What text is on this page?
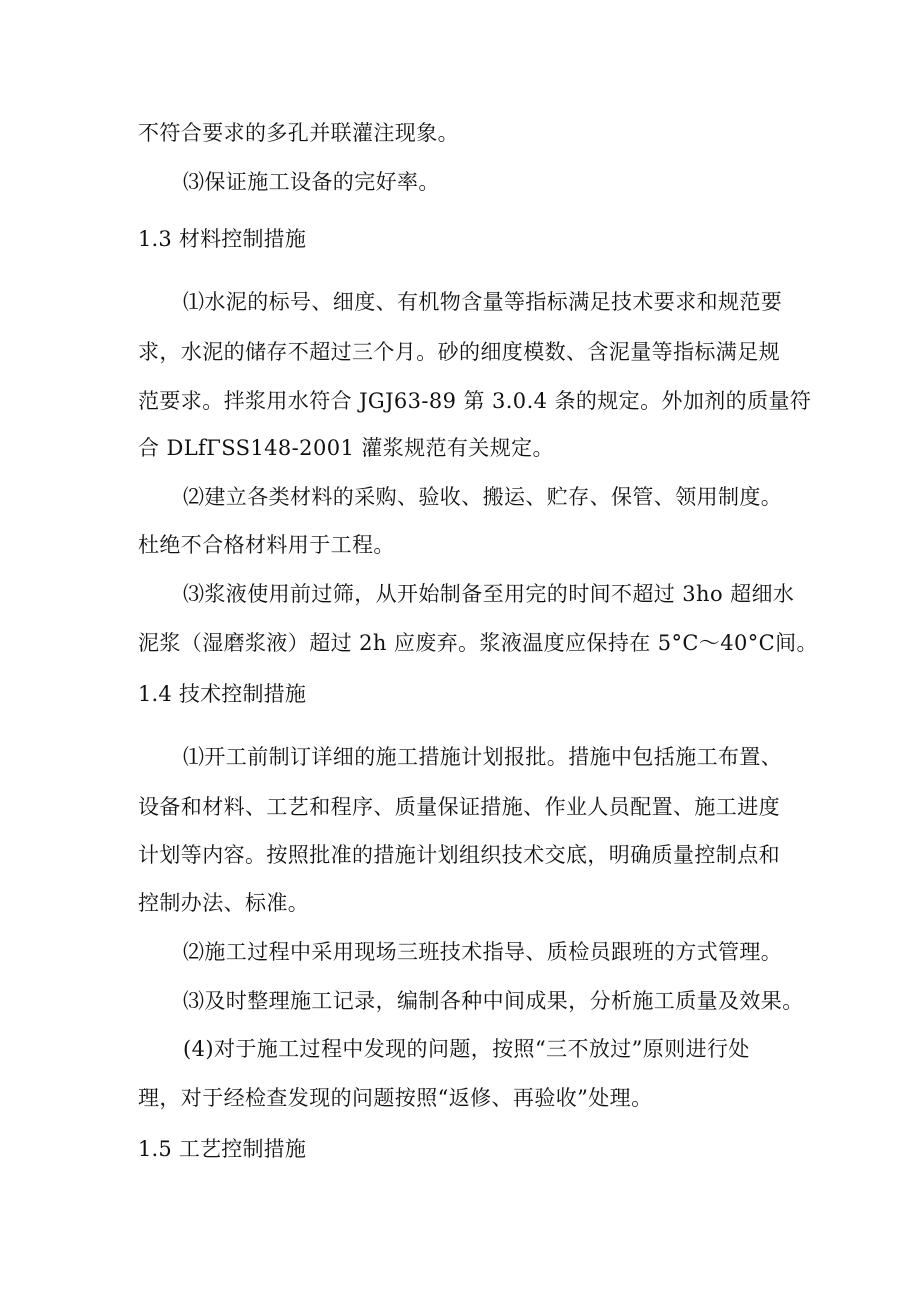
不符合要求的多孔并联灌注现象。
⑶保证施工设备的完好率。
1.3 材料控制措施
⑴水泥的标号、细度、有机物含量等指标满足技术要求和规范要
求，水泥的储存不超过三个月。砂的细度模数、含泥量等指标满足规
范要求。拌浆用水符合 JGJ63-89 第 3.0.4 条的规定。外加剂的质量符
合 DLfΓSS148-2001 灌浆规范有关规定。
⑵建立各类材料的采购、验收、搬运、贮存、保管、领用制度。
杜绝不合格材料用于工程。
⑶浆液使用前过筛，从开始制备至用完的时间不超过 3ho 超细水
泥浆（湿磨浆液）超过 2h 应废弃。浆液温度应保持在 5°C～40°C间。
1.4 技术控制措施
⑴开工前制订详细的施工措施计划报批。措施中包括施工布置、
设备和材料、工艺和程序、质量保证措施、作业人员配置、施工进度
计划等内容。按照批准的措施计划组织技术交底，明确质量控制点和
控制办法、标准。
⑵施工过程中采用现场三班技术指导、质检员跟班的方式管理。
⑶及时整理施工记录，编制各种中间成果，分析施工质量及效果。
(4)对于施工过程中发现的问题，按照“三不放过”原则进行处
理，对于经检查发现的问题按照“返修、再验收”处理。
1.5 工艺控制措施
